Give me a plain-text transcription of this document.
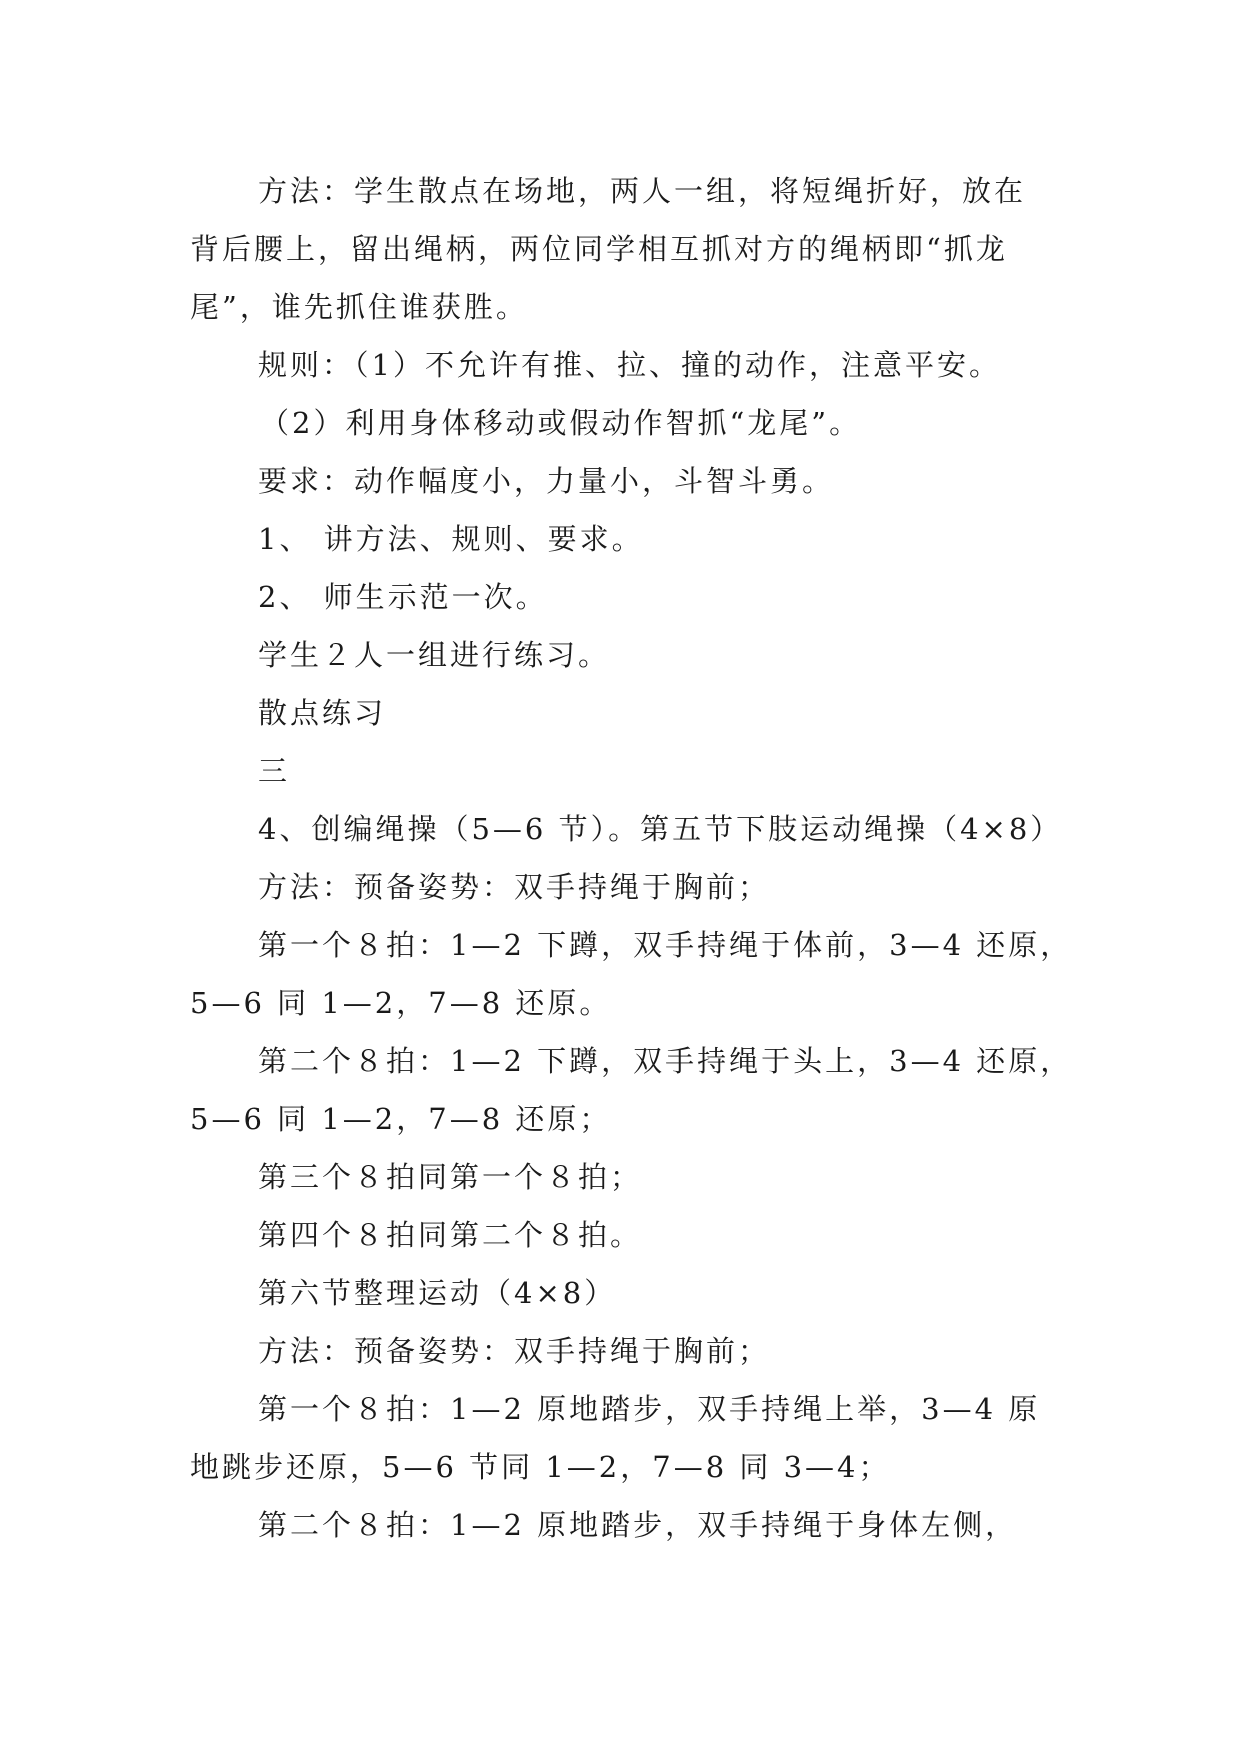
方法：学生散点在场地，两人一组，将短绳折好，放在

背后腰上，留出绳柄，两位同学相互抓对方的绳柄即“抓龙

尾”，谁先抓住谁获胜。

规则：（1）不允许有推、拉、撞的动作，注意平安。

（2）利用身体移动或假动作智抓“龙尾”。

要求：动作幅度小，力量小，斗智斗勇。

1、 讲方法、规则、要求。

2、 师生示范一次。

学生２人一组进行练习。

散点练习

三

4、创编绳操（5—6 节）。第五节下肢运动绳操（4×8）

方法：预备姿势：双手持绳于胸前；

第一个８拍：1—2 下蹲，双手持绳于体前，3—4 还原，

5—6 同 1—2，7—8 还原。

第二个８拍：1—2 下蹲，双手持绳于头上，3—4 还原，

5—6 同 1—2，7—8 还原；

第三个８拍同第一个８拍；

第四个８拍同第二个８拍。

第六节整理运动（4×8）

方法：预备姿势：双手持绳于胸前；

第一个８拍：1—2 原地踏步，双手持绳上举，3—4 原

地跳步还原，5—6 节同 1—2，7—8 同 3—4；

第二个８拍：1—2 原地踏步，双手持绳于身体左侧，
